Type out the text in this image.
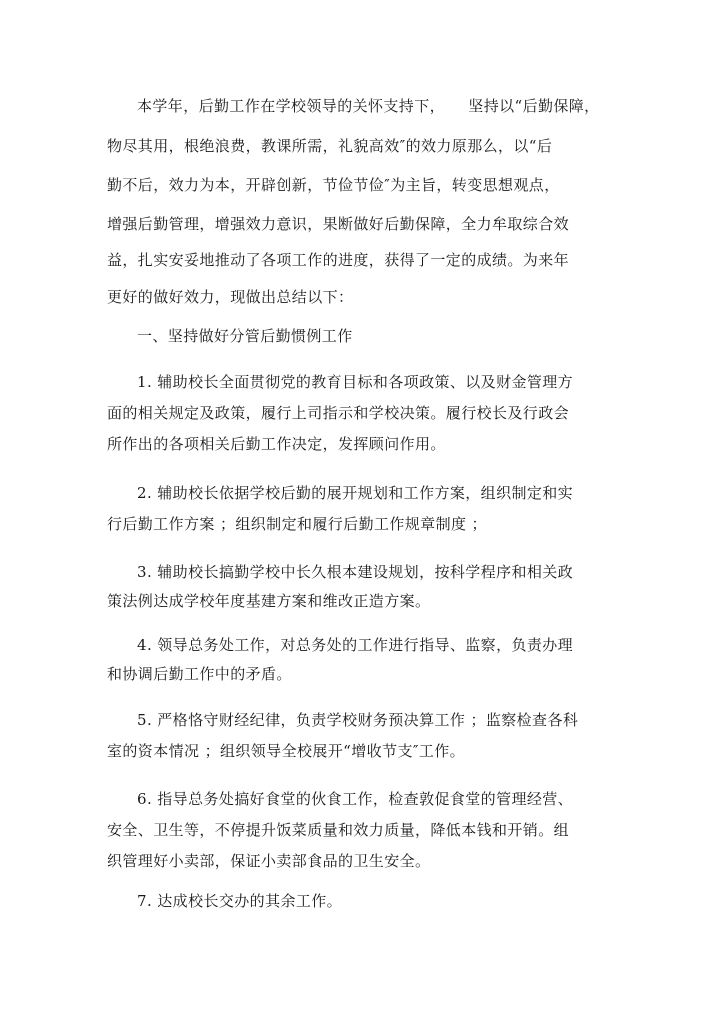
本学年，后勤工作在学校领导的关怀支持下，　　坚持以“后勤保障，
物尽其用，根绝浪费，教课所需，礼貌高效″的效力原那么，以“后
勤不后，效力为本，开辟创新，节俭节俭″为主旨，转变思想观点，
增强后勤管理，增强效力意识，果断做好后勤保障，全力牟取综合效
益，扎实安妥地推动了各项工作的进度，获得了一定的成绩。为来年
更好的做好效力，现做出总结以下：
一、坚持做好分管后勤惯例工作
1. 辅助校长全面贯彻党的教育目标和各项政策、以及财金管理方
面的相关规定及政策，履行上司指示和学校决策。履行校长及行政会
所作出的各项相关后勤工作决定，发挥顾问作用。
2. 辅助校长依据学校后勤的展开规划和工作方案，组织制定和实
行后勤工作方案 ；组织制定和履行后勤工作规章制度 ；
3. 辅助校长搞勤学校中长久根本建设规划，按科学程序和相关政
策法例达成学校年度基建方案和维改正造方案。
4. 领导总务处工作，对总务处的工作进行指导、监察，负责办理
和协调后勤工作中的矛盾。
5. 严格恪守财经纪律，负责学校财务预决算工作 ；监察检查各科
室的资本情况 ；组织领导全校展开“增收节支″工作。
6. 指导总务处搞好食堂的伙食工作，检查敦促食堂的管理经营、
安全、卫生等，不停提升饭菜质量和效力质量，降低本钱和开销。组
织管理好小卖部，保证小卖部食品的卫生安全。
7. 达成校长交办的其余工作。
